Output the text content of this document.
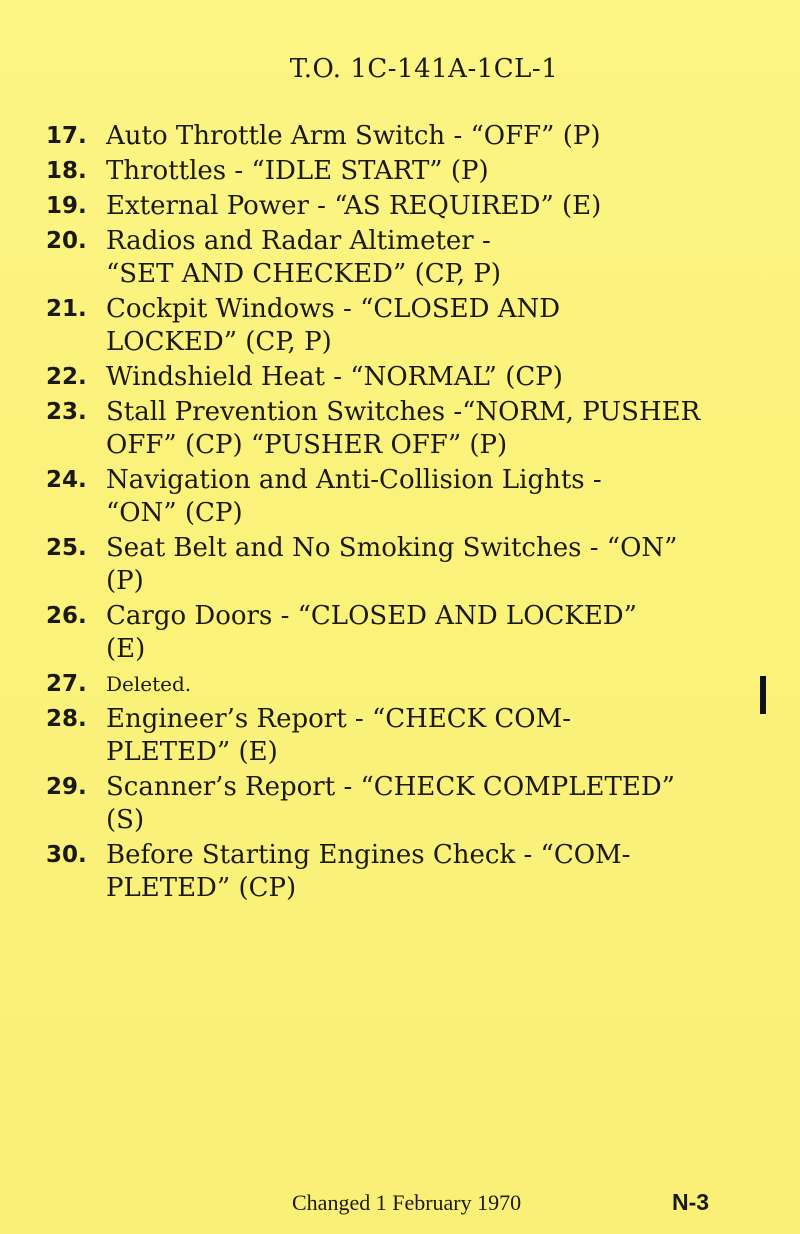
T.O. 1C-141A-1CL-1
17. Auto Throttle Arm Switch - “OFF” (P)
18. Throttles - “IDLE START” (P)
19. External Power - “AS REQUIRED” (E)
20. Radios and Radar Altimeter -
“SET AND CHECKED” (CP, P)
21. Cockpit Windows - “CLOSED AND
LOCKED” (CP, P)
22. Windshield Heat - “NORMAL” (CP)
23. Stall Prevention Switches -“NORM, PUSHER
OFF” (CP) “PUSHER OFF” (P)
24. Navigation and Anti-Collision Lights -
“ON” (CP)
25. Seat Belt and No Smoking Switches - “ON”
(P)
26. Cargo Doors - “CLOSED AND LOCKED”
(E)
27. Deleted.
28. Engineer’s Report - “CHECK COM-
PLETED” (E)
29. Scanner’s Report - “CHECK COMPLETED”
(S)
30. Before Starting Engines Check - “COM-
PLETED” (CP)
Changed 1 February 1970	N-3
